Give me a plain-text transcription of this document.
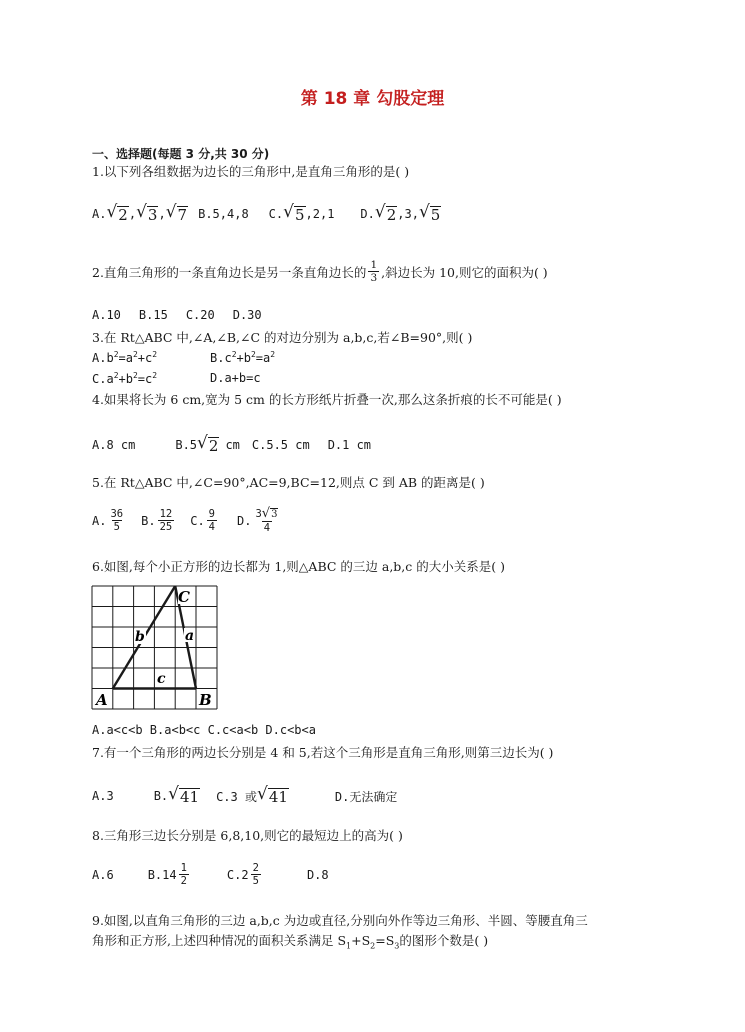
第 18 章 勾股定理
一、选择题(每题 3 分,共 30 分)
1.以下列各组数据为边长的三角形中,是直角三角形的是( )
A. √ 2 , √ 3 , √ 7 B.5,4,8 C. √ 5 ,2,1 D. √ 2 ,3, √ 5
2.直角三角形的一条直角边长是另一条直角边长的 $\frac{1}{3}$ ,斜边长为 10,则它的面积为( )
A.10 B.15 C.20 D.30
3.在 Rt△ABC 中,∠A,∠B,∠C 的对边分别为 a,b,c,若∠B=90°,则( )
$A.b^2=a^2+c^2$	$B.c^2+b^2=a^2$
$C.a^2+b^2=c^2$	D.a+b=c
4.如果将长为 6 cm,宽为 5 cm 的长方形纸片折叠一次,那么这条折痕的长不可能是( )
A.8 cm	B.5 √ 2 cm C.5.5 cm D.1 cm
5.在 Rt△ABC 中,∠C=90°,AC=9,BC=12,则点 C 到 AB 的距离是( )
A. $\frac{36}{5} B$. $\frac{12}{25} C$. $\frac{9}{4} D$. $\frac{3 √ 3}{4}$
6.如图,每个小正方形的边长都为 1,则△ABC 的三边 a,b,c 的大小关系是( )
A	B
C
a
b
c
A.a<c<b B.a<b<c C.c<a<b D.c<b<a
7.有一个三角形的两边长分别是 4 和 5,若这个三角形是直角三角形,则第三边长为( )
A.3	B. √ 41 C.3 或 √ 41	D.无法确定
8.三角形三边长分别是 6,8,10,则它的最短边上的高为( )
A.6	$B.14 \frac{1}{2}$	$C.2 \frac{2}{5}$	D.8
9.如图,以直角三角形的三边 a,b,c 为边或直径,分别向外作等边三角形、半圆、等腰直角三
角形和正方形,上述四种情况的面积关系满足 $S_1+S_2=S_3$的图形个数是( )
